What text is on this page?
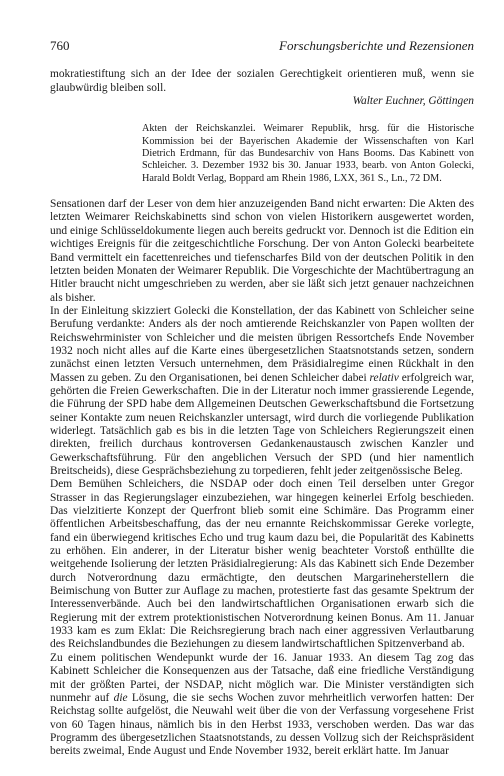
760	Forschungsberichte und Rezensionen

mokratiestiftung sich an der Idee der sozialen Gerechtigkeit orientieren muß, wenn sie glaubwürdig bleiben soll.

Walter Euchner, Göttingen

Akten der Reichskanzlei. Weimarer Republik, hrsg. für die Historische Kommission bei der Bayerischen Akademie der Wissenschaften von Karl Dietrich Erdmann, für das Bundesarchiv von Hans Booms. Das Kabinett von Schleicher. 3. Dezember 1932 bis 30. Januar 1933, bearb. von Anton Golecki, Harald Boldt Verlag, Boppard am Rhein 1986, LXX, 361 S., Ln., 72 DM.

Sensationen darf der Leser von dem hier anzuzeigenden Band nicht erwarten: Die Akten des letzten Weimarer Reichskabinetts sind schon von vielen Historikern ausgewertet worden, und einige Schlüsseldokumente liegen auch bereits gedruckt vor. Dennoch ist die Edition ein wichtiges Ereignis für die zeitgeschichtliche Forschung. Der von Anton Golecki bearbeitete Band vermittelt ein facettenreiches und tiefenscharfes Bild von der deutschen Politik in den letzten beiden Monaten der Weimarer Republik. Die Vorgeschichte der Machtübertragung an Hitler braucht nicht umgeschrieben zu werden, aber sie läßt sich jetzt genauer nachzeichnen als bisher.

In der Einleitung skizziert Golecki die Konstellation, der das Kabinett von Schleicher seine Berufung verdankte: Anders als der noch amtierende Reichskanzler von Papen wollten der Reichswehrminister von Schleicher und die meisten übrigen Ressortchefs Ende November 1932 noch nicht alles auf die Karte eines übergesetzlichen Staatsnotstands setzen, sondern zunächst einen letzten Versuch unternehmen, dem Präsidialregime einen Rückhalt in den Massen zu geben. Zu den Organisationen, bei denen Schleicher dabei relativ erfolgreich war, gehörten die Freien Gewerkschaften. Die in der Literatur noch immer grassierende Legende, die Führung der SPD habe dem Allgemeinen Deutschen Gewerkschaftsbund die Fortsetzung seiner Kontakte zum neuen Reichskanzler untersagt, wird durch die vorliegende Publikation widerlegt. Tatsächlich gab es bis in die letzten Tage von Schleichers Regierungszeit einen direkten, freilich durchaus kontroversen Gedankenaustausch zwischen Kanzler und Gewerkschaftsführung. Für den angeblichen Versuch der SPD (und hier namentlich Breitscheids), diese Gesprächsbeziehung zu torpedieren, fehlt jeder zeitgenössische Beleg.

Dem Bemühen Schleichers, die NSDAP oder doch einen Teil derselben unter Gregor Strasser in das Regierungslager einzubeziehen, war hingegen keinerlei Erfolg beschieden. Das vielzitierte Konzept der Querfront blieb somit eine Schimäre. Das Programm einer öffentlichen Arbeitsbeschaffung, das der neu ernannte Reichskommissar Gereke vorlegte, fand ein überwiegend kritisches Echo und trug kaum dazu bei, die Popularität des Kabinetts zu erhöhen. Ein anderer, in der Literatur bisher wenig beachteter Vorstoß enthüllte die weitgehende Isolierung der letzten Präsidialregierung: Als das Kabinett sich Ende Dezember durch Notverordnung dazu ermächtigte, den deutschen Margarineherstellern die Beimischung von Butter zur Auflage zu machen, protestierte fast das gesamte Spektrum der Interessenverbände. Auch bei den landwirtschaftlichen Organisationen erwarb sich die Regierung mit der extrem protektionistischen Notverordnung keinen Bonus. Am 11. Januar 1933 kam es zum Eklat: Die Reichsregierung brach nach einer aggressiven Verlautbarung des Reichslandbundes die Beziehungen zu diesem landwirtschaftlichen Spitzenverband ab.

Zu einem politischen Wendepunkt wurde der 16. Januar 1933. An diesem Tag zog das Kabinett Schleicher die Konsequenzen aus der Tatsache, daß eine friedliche Verständigung mit der größten Partei, der NSDAP, nicht möglich war. Die Minister verständigten sich nunmehr auf die Lösung, die sie sechs Wochen zuvor mehrheitlich verworfen hatten: Der Reichstag sollte aufgelöst, die Neuwahl weit über die von der Verfassung vorgesehene Frist von 60 Tagen hinaus, nämlich bis in den Herbst 1933, verschoben werden. Das war das Programm des übergesetzlichen Staatsnotstands, zu dessen Vollzug sich der Reichspräsident bereits zweimal, Ende August und Ende November 1932, bereit erklärt hatte. Im Januar
